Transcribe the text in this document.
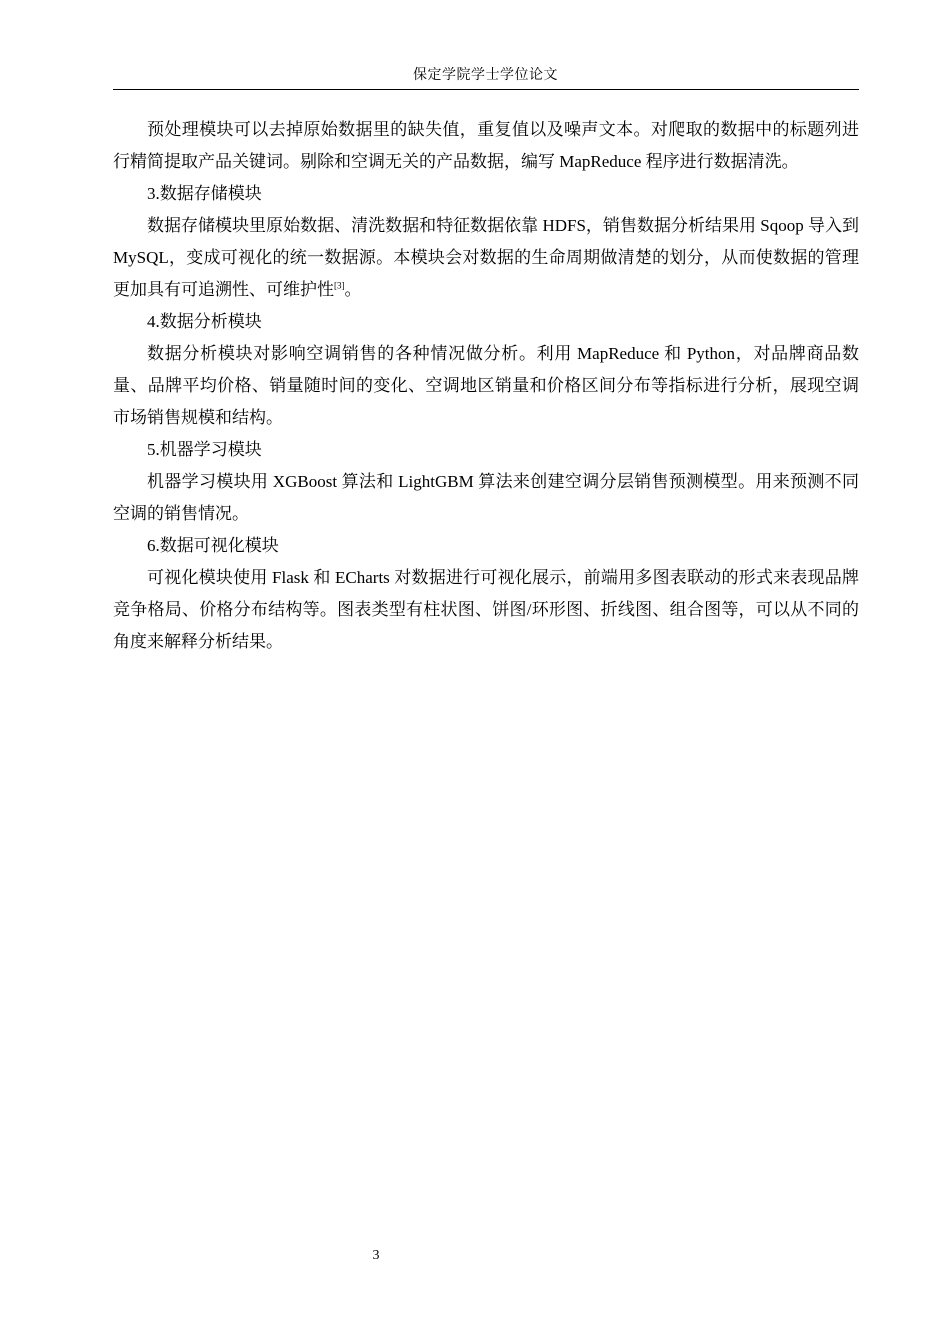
保定学院学士学位论文

预处理模块可以去掉原始数据里的缺失值，重复值以及噪声文本。对爬取的数据中的标题列进行精简提取产品关键词。剔除和空调无关的产品数据，编写 MapReduce 程序进行数据清洗。

3.数据存储模块

数据存储模块里原始数据、清洗数据和特征数据依靠 HDFS，销售数据分析结果用 Sqoop 导入到 MySQL，变成可视化的统一数据源。本模块会对数据的生命周期做清楚的划分，从而使数据的管理更加具有可追溯性、可维护性[3]。

4.数据分析模块

数据分析模块对影响空调销售的各种情况做分析。利用 MapReduce 和 Python，对品牌商品数量、品牌平均价格、销量随时间的变化、空调地区销量和价格区间分布等指标进行分析，展现空调市场销售规模和结构。

5.机器学习模块

机器学习模块用 XGBoost 算法和 LightGBM 算法来创建空调分层销售预测模型。用来预测不同空调的销售情况。

6.数据可视化模块

可视化模块使用 Flask 和 ECharts 对数据进行可视化展示，前端用多图表联动的形式来表现品牌竞争格局、价格分布结构等。图表类型有柱状图、饼图/环形图、折线图、组合图等，可以从不同的角度来解释分析结果。

3
